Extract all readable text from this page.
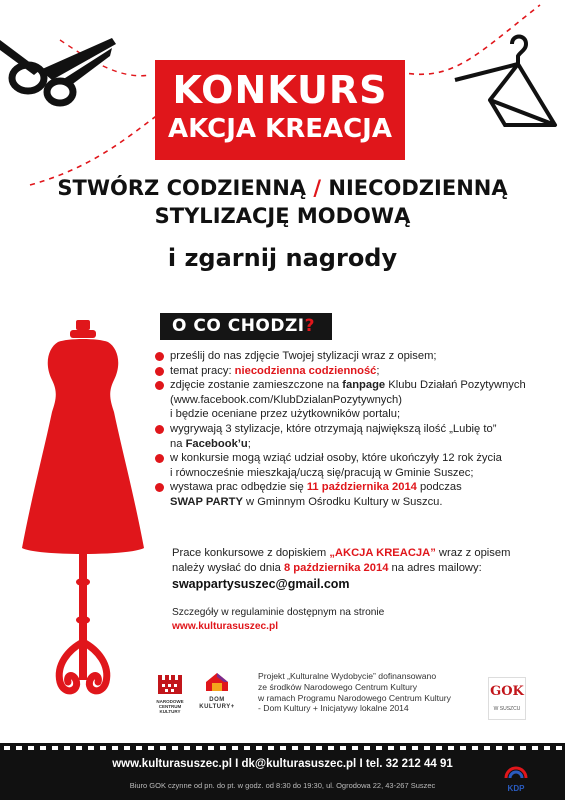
KONKURS
AKCJA KREACJA
STWÓRZ CODZIENNĄ / NIECODZIENNĄ
STYLIZACJĘ MODOWĄ
i zgarnij nagrody
O CO CHODZI?
prześlij do nas zdjęcie Twojej stylizacji wraz z opisem;
temat pracy: niecodzienna codzienność;
zdjęcie zostanie zamieszczone na fanpage Klubu Działań Pozytywnych
(www.facebook.com/KlubDzialanPozytywnych)
i będzie oceniane przez użytkowników portalu;
wygrywają 3 stylizacje, które otrzymają największą ilość „Lubię to”
na Facebook’u;
w konkursie mogą wziąć udział osoby, które ukończyły 12 rok życia
i równocześnie mieszkają/uczą się/pracują w Gminie Suszec;
wystawa prac odbędzie się 11 października 2014 podczas
SWAP PARTY w Gminnym Ośrodku Kultury w Suszcu.
Prace konkursowe z dopiskiem „AKCJA KREACJA” wraz z opisem
należy wysłać do dnia 8 października 2014 na adres mailowy:
swappartysuszec@gmail.com
Szczegóły w regulaminie dostępnym na stronie
www.kulturasuszec.pl
NARODOWE CENTRUM KULTURY
DOM KULTURY+
Projekt „Kulturalne Wydobycie” dofinansowano
ze środków Narodowego Centrum Kultury
w ramach Programu Narodowego Centrum Kultury
- Dom Kultury + Inicjatywy lokalne 2014
GOK
W SUSZCU
www.kulturasuszec.pl I dk@kulturasuszec.pl I tel. 32 212 44 91
Biuro GOK czynne od pn. do pt. w godz. od 8:30 do 19:30, ul. Ogrodowa 22, 43-267 Suszec	KDP
